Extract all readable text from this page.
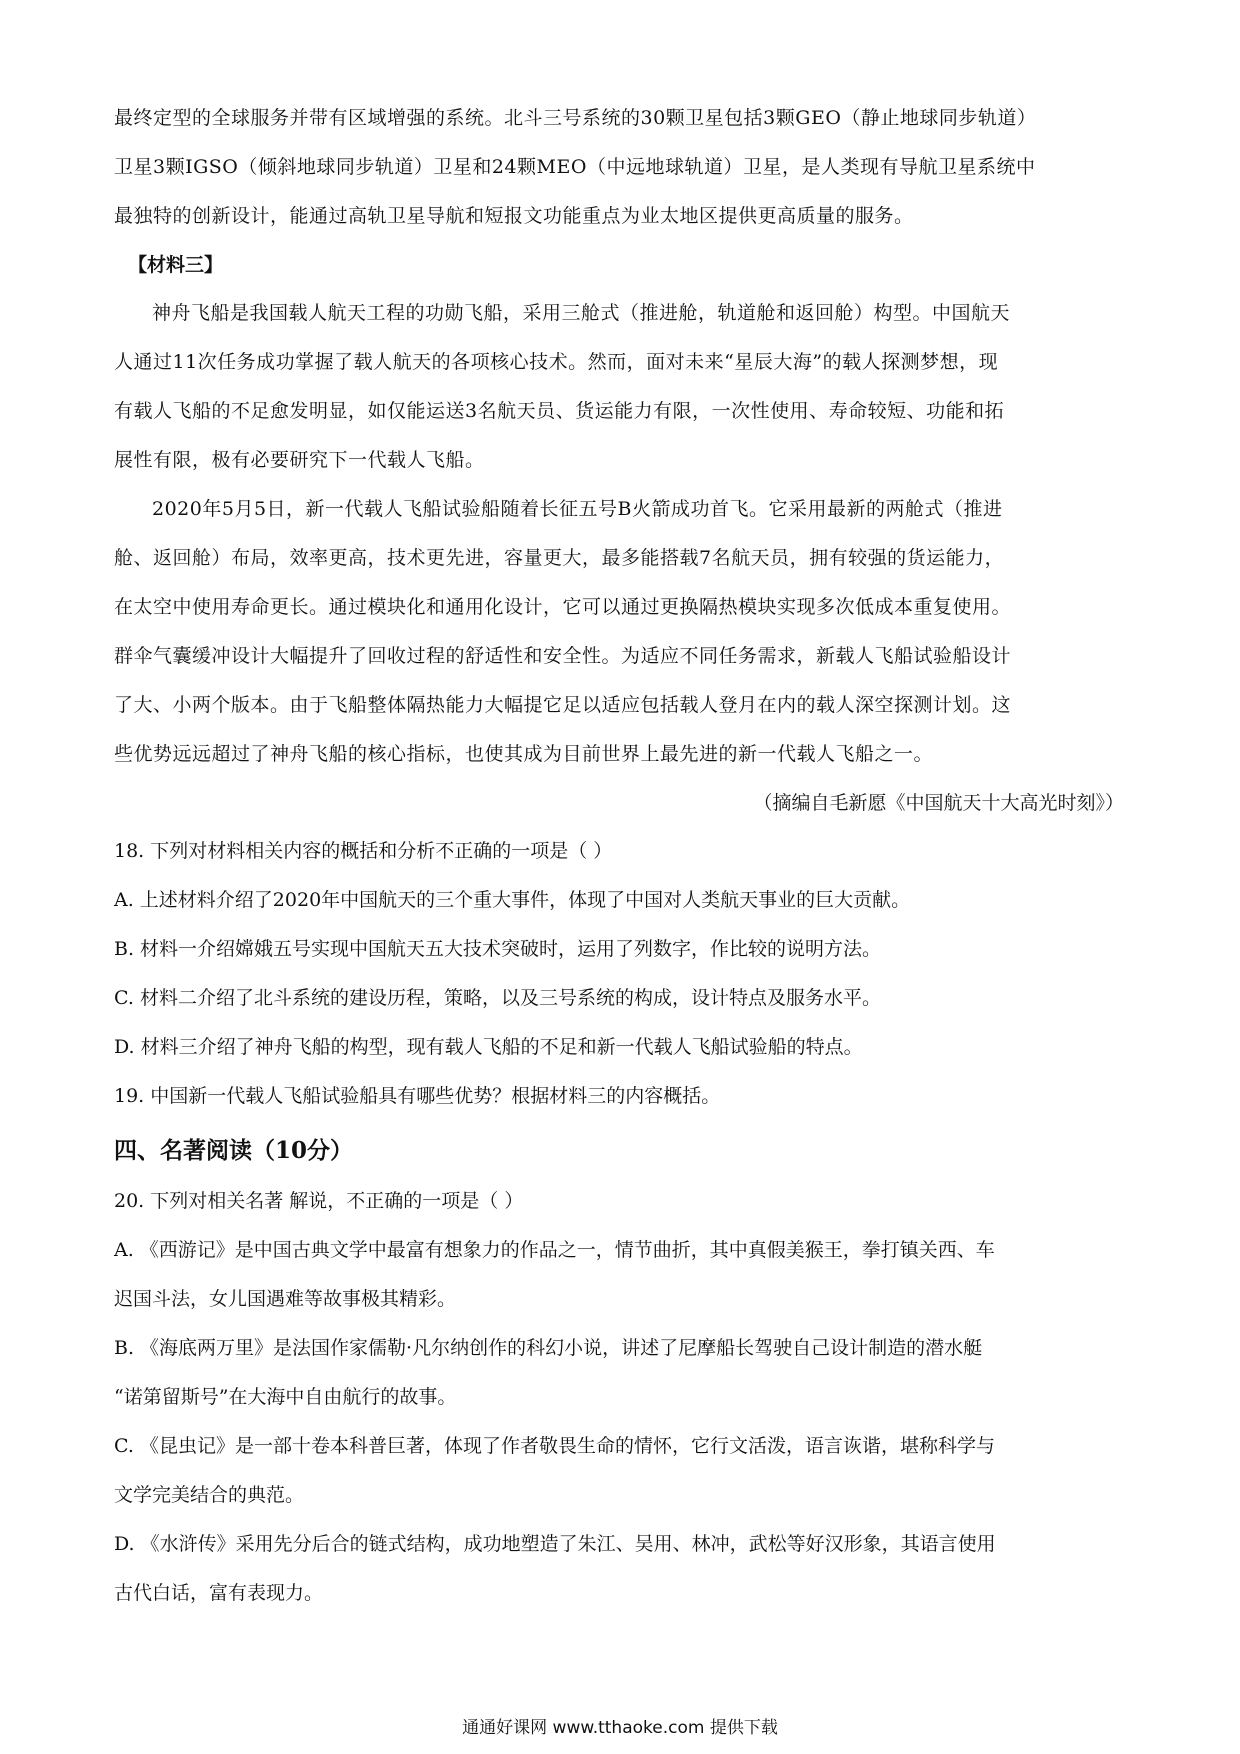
最终定型的全球服务并带有区域增强的系统。北斗三号系统的30颗卫星包括3颗GEO（静止地球同步轨道）
卫星3颗IGSO（倾斜地球同步轨道）卫星和24颗MEO（中远地球轨道）卫星，是人类现有导航卫星系统中
最独特的创新设计，能通过高轨卫星导航和短报文功能重点为业太地区提供更高质量的服务。
【材料三】
神舟飞船是我国载人航天工程的功勋飞船，采用三舱式（推进舱，轨道舱和返回舱）构型。中国航天
人通过11次任务成功掌握了载人航天的各项核心技术。然而，面对未来“星辰大海”的载人探测梦想，现
有载人飞船的不足愈发明显，如仅能运送3名航天员、货运能力有限，一次性使用、寿命较短、功能和拓
展性有限，极有必要研究下一代载人飞船。
2020年5月5日，新一代载人飞船试验船随着长征五号B火箭成功首飞。它采用最新的两舱式（推进
舱、返回舱）布局，效率更高，技术更先进，容量更大，最多能搭载7名航天员，拥有较强的货运能力，
在太空中使用寿命更长。通过模块化和通用化设计，它可以通过更换隔热模块实现多次低成本重复使用。
群伞气囊缓冲设计大幅提升了回收过程的舒适性和安全性。为适应不同任务需求，新载人飞船试验船设计
了大、小两个版本。由于飞船整体隔热能力大幅提它足以适应包括载人登月在内的载人深空探测计划。这
些优势远远超过了神舟飞船的核心指标，也使其成为目前世界上最先进的新一代载人飞船之一。
（摘编自毛新愿《中国航天十大高光时刻》）
18. 下列对材料相关内容的概括和分析不正确的一项是（ ）
A. 上述材料介绍了2020年中国航天的三个重大事件，体现了中国对人类航天事业的巨大贡献。
B. 材料一介绍嫦娥五号实现中国航天五大技术突破时，运用了列数字，作比较的说明方法。
C. 材料二介绍了北斗系统的建设历程，策略，以及三号系统的构成，设计特点及服务水平。
D. 材料三介绍了神舟飞船的构型，现有载人飞船的不足和新一代载人飞船试验船的特点。
19. 中国新一代载人飞船试验船具有哪些优势？根据材料三的内容概括。
四、名著阅读（10分）
20. 下列对相关名著 解说，不正确的一项是（ ）
A. 《西游记》是中国古典文学中最富有想象力的作品之一，情节曲折，其中真假美猴王，拳打镇关西、车
迟国斗法，女儿国遇难等故事极其精彩。
B. 《海底两万里》是法国作家儒勒·凡尔纳创作的科幻小说，讲述了尼摩船长驾驶自己设计制造的潜水艇
“诺第留斯号”在大海中自由航行的故事。
C. 《昆虫记》是一部十卷本科普巨著，体现了作者敬畏生命的情怀，它行文活泼，语言诙谐，堪称科学与
文学完美结合的典范。
D. 《水浒传》采用先分后合的链式结构，成功地塑造了朱江、吴用、林冲，武松等好汉形象，其语言使用
古代白话，富有表现力。
通通好课网 www.tthaoke.com 提供下载
